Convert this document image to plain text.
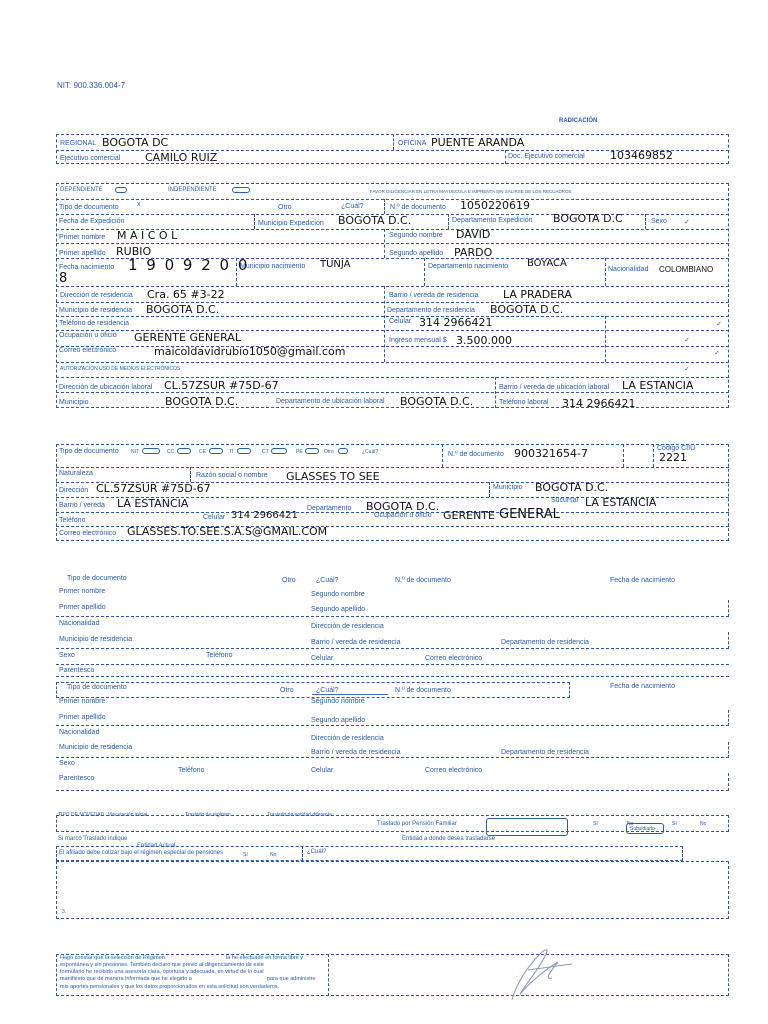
NIT: 900.336.004-7
RADICACIÓN
REGIONAL BOGOTA DC	OFICINA PUENTE ARANDA
Ejecutivo comercial CAMILO RUIZ	Doc. Ejecutivo comercial 103469852
DEPENDIENTE	INDEPENDIENTE	FAVOR DILIGENCIAR EN LETRA MAYÚSCULA E IMPRENTA SIN SALIRSE DE LOS RECUADROS
Tipo de documento	x	Otro	¿Cuál?	N.º de documento 1050220619
Fecha de Expedición	Municipio Expedición BOGOTA D.C.	Departamento Expedición BOGOTA D.C	Sexo ✓
Primer nombre M A I C O L	Segundo nombre DAVID
Primer apellido RUBIO	Segundo apellido PARDO
Fecha nacimiento 1 9 0 9 2 0 0
8
Municipio nacimiento TUNJA	Departamento nacimiento BOYACA
Nacionalidad COLOMBIANO
Dirección de residencia Cra. 65 #3-22	Barrio / vereda de residencia LA PRADERA
Municipio de residencia BOGOTA D.C.	Departamento de residencia BOGOTA D.C.
Teléfono de residencia	Celular 314 2966421	✓
Ocupación u oficio GERENTE GENERAL	Ingreso mensual $ 3.500.000	✓
Correo electrónico	maicoldavidrubio1050@gmail.com	✓
AUTORIZACIÓN USO DE MEDIOS ELECTRÓNICOS	✓
Dirección de ubicación laboral CL.57ZSUR #75D-67	Barrio / vereda de ubicación laboral LA ESTANCIA
Municipio	BOGOTA D.C.	Departamento de ubicación laboral BOGOTA D.C.	Teléfono laboral 314 2966421
Tipo de documento NIT	CC	CE	TI	CT	PE	Otro	¿Cuál?	N.º de documento 900321654-7	Código CIIU
2221
Naturaleza	Razón social o nombre GLASSES TO SEE
Dirección CL.57ZSUR #75D-67	Municipio BOGOTA D.C.
Barrio / vereda LA ESTANCIA	Sucursal LA ESTANCIA
Celular 314 2966421
Departamento BOGOTA D.C.
Teléfono
Ocupación u oficio GERENTE GENERAL
Correo electrónico GLASSES.TO.SEE.S.A.S@GMAIL.COM
Tipo de documento	Otro	¿Cuál?	N.º de documento	Fecha de nacimiento
Primer nombre	Segundo nombre
Primer apellido	Segundo apellido
Nacionalidad	Dirección de residencia
Municipio de residencia	Barrio / vereda de residencia	Departamento de residencia
Sexo	Teléfono	Celular	Correo electrónico
Parentesco
Tipo de documento	Otro	¿Cuál?	N.º de documento
Fecha de nacimiento
Primer nombre	Segundo nombre
Primer apellido	Segundo apellido
Nacionalidad
Dirección de residencia
Municipio de residencia
Barrio / vereda de residencia	Departamento de residencia
Sexo
Teléfono	Celular	Correo electrónico
Parentesco
TIPO DE NOVEDAD Vinculación inicial	Traslado de régimen	Traslado de entidad diferente
Traslado por Pensión Familiar	Sí	No
Subsidiado
Sí	No
Si marcó Traslado indique	Entidad a donde desea trasladarse
Entidad Actual
El afiliado debe cotizar bajo el régimen especial de pensiones	Sí	No	¿Cuál?
3.
Hago constar que la selección de Régimen	la he efectuado en forma libre y
espontánea y sin presiones. También declaro que previo al diligenciamiento de este
formulario he recibido una asesoría clara, oportuna y adecuada, en virtud de lo cual
manifiesto que de manera informada que he elegido a	para que administre
mis aportes pensionales y que los datos proporcionados en esta solicitud son verdaderos.
